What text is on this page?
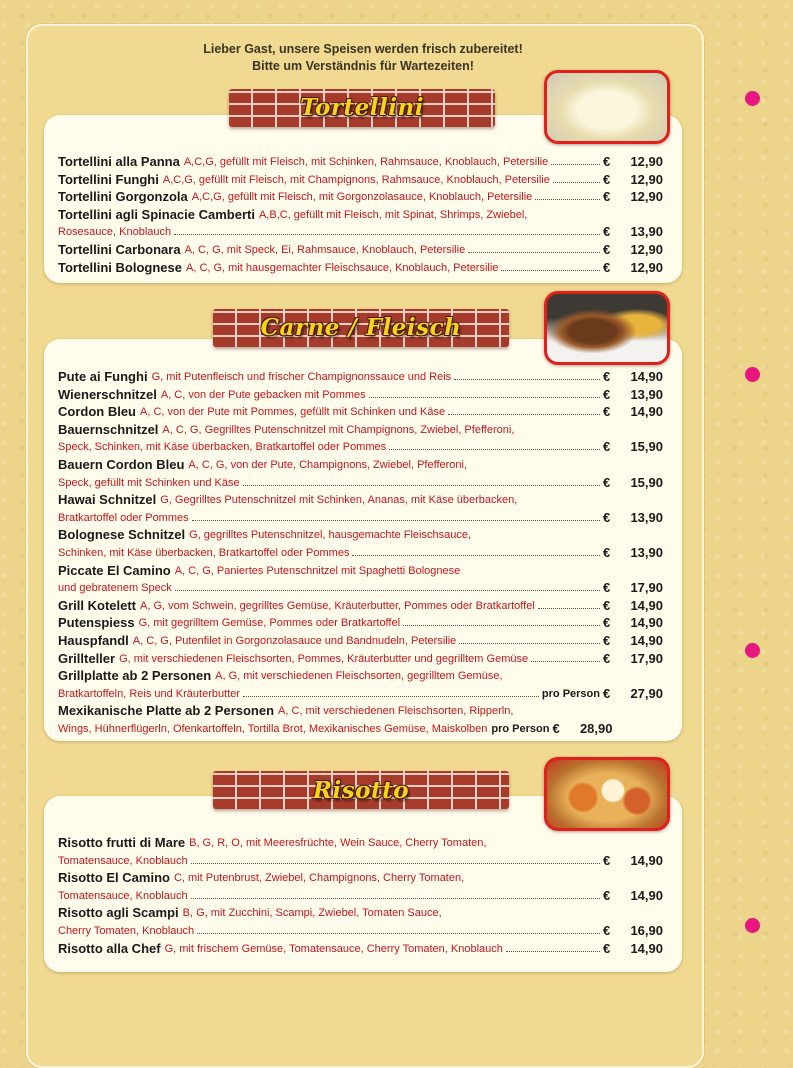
Lieber Gast, unsere Speisen werden frisch zubereitet!
Bitte um Verständnis für Wartezeiten!
Tortellini
Carne / Fleisch
Risotto
Tortellini alla Panna A,C,G, gefüllt mit Fleisch, mit Schinken, Rahmsauce, Knoblauch, Petersilie	€	12,90
Tortellini Funghi A,C,G, gefüllt mit Fleisch, mit Champignons, Rahmsauce, Knoblauch, Petersilie	€	12,90
Tortellini Gorgonzola A,C,G, gefüllt mit Fleisch, mit Gorgonzolasauce, Knoblauch, Petersilie	€	12,90
Tortellini agli Spinacie Camberti A,B,C, gefüllt mit Fleisch, mit Spinat, Shrimps, Zwiebel,
Rosesauce, Knoblauch	€	13,90
Tortellini Carbonara A, C, G, mit Speck, Ei, Rahmsauce, Knoblauch, Petersilie	€	12,90
Tortellini Bolognese A, C, G, mit hausgemachter Fleischsauce, Knoblauch, Petersilie	€	12,90
Pute ai Funghi G, mit Putenfleisch und frischer Champignonssauce und Reis	€	14,90
Wienerschnitzel A, C, von der Pute gebacken mit Pommes	€	13,90
Cordon Bleu A, C, von der Pute mit Pommes, gefüllt mit Schinken und Käse	€	14,90
Bauernschnitzel A, C, G, Gegrilltes Putenschnitzel mit Champignons, Zwiebel, Pfefferoni,
Speck, Schinken, mit Käse überbacken, Bratkartoffel oder Pommes	€	15,90
Bauern Cordon Bleu A, C, G, von der Pute, Champignons, Zwiebel, Pfefferoni,
Speck, gefüllt mit Schinken und Käse	€	15,90
Hawai Schnitzel G, Gegrilltes Putenschnitzel mit Schinken, Ananas, mit Käse überbacken,
Bratkartoffel oder Pommes	€	13,90
Bolognese Schnitzel G, gegrilltes Putenschnitzel, hausgemachte Fleischsauce,
Schinken, mit Käse überbacken, Bratkartoffel oder Pommes	€	13,90
Piccate El Camino A, C, G, Paniertes Putenschnitzel mit Spaghetti Bolognese
und gebratenem Speck	€	17,90
Grill Kotelett A, G, vom Schwein, gegrilltes Gemüse, Kräuterbutter, Pommes oder Bratkartoffel	€	14,90
Putenspiess G, mit gegrilltem Gemüse, Pommes oder Bratkartoffel	€	14,90
Hauspfandl A, C, G, Putenfilet in Gorgonzolasauce und Bandnudeln, Petersilie	€	14,90
Grillteller G, mit verschiedenen Fleischsorten, Pommes, Kräuterbutter und gegrilltem Gemüse	€	17,90
Grillplatte ab 2 Personen A, G, mit verschiedenen Fleischsorten, gegrilltem Gemüse,
Bratkartoffeln, Reis und Kräuterbutter	pro Person €	27,90
Mexikanische Platte ab 2 Personen A, C, mit verschiedenen Fleischsorten, Ripperln,
Wings, Hühnerflügerln, Ofenkartoffeln, Tortilla Brot, Mexikanisches Gemüse, Maiskolben pro Person €	28,90
Risotto frutti di Mare B, G, R, O, mit Meeresfrüchte, Wein Sauce, Cherry Tomaten,
Tomatensauce, Knoblauch	€	14,90
Risotto El Camino C, mit Putenbrust, Zwiebel, Champignons, Cherry Tomaten,
Tomatensauce, Knoblauch	€	14,90
Risotto agli Scampi B, G, mit Zucchini, Scampi, Zwiebel, Tomaten Sauce,
Cherry Tomaten, Knoblauch	€	16,90
Risotto alla Chef G, mit frischem Gemüse, Tomatensauce, Cherry Tomaten, Knoblauch	€	14,90
